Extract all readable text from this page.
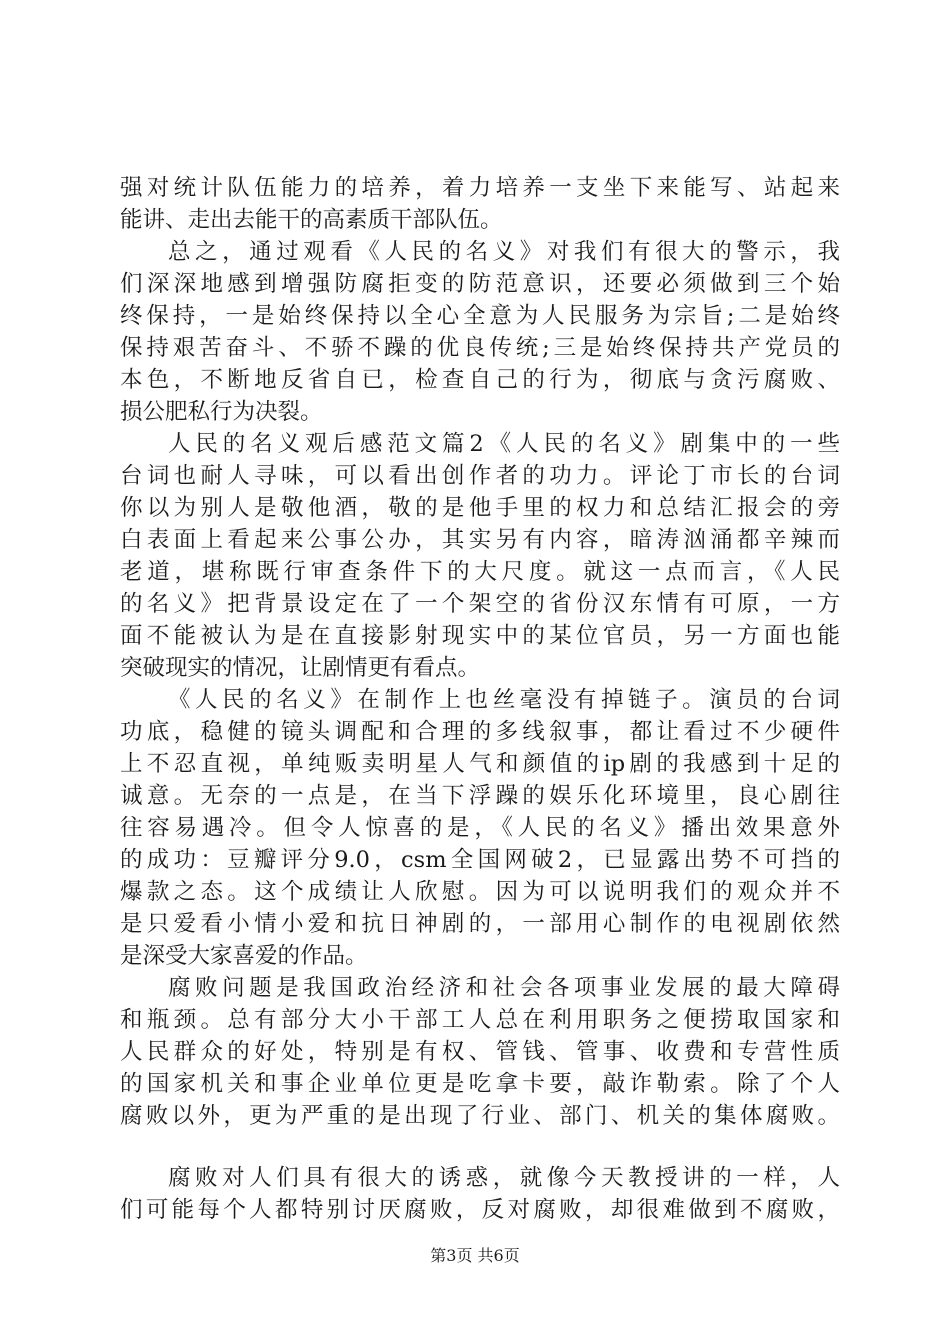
强对统计队伍能力的培养，着力培养一支坐下来能写、站起来
能讲、走出去能干的高素质干部队伍。
总之，通过观看《人民的名义》对我们有很大的警示，我
们深深地感到增强防腐拒变的防范意识，还要必须做到三个始
终保持，一是始终保持以全心全意为人民服务为宗旨;二是始终
保持艰苦奋斗、不骄不躁的优良传统;三是始终保持共产党员的
本色，不断地反省自已，检查自己的行为，彻底与贪污腐败、
损公肥私行为决裂。
人民的名义观后感范文篇2《人民的名义》剧集中的一些
台词也耐人寻味，可以看出创作者的功力。评论丁市长的台词
你以为别人是敬他酒，敬的是他手里的权力和总结汇报会的旁
白表面上看起来公事公办，其实另有内容，暗涛汹涌都辛辣而
老道，堪称既行审查条件下的大尺度。就这一点而言，《人民
的名义》把背景设定在了一个架空的省份汉东情有可原，一方
面不能被认为是在直接影射现实中的某位官员，另一方面也能
突破现实的情况，让剧情更有看点。
《人民的名义》在制作上也丝毫没有掉链子。演员的台词
功底，稳健的镜头调配和合理的多线叙事，都让看过不少硬件
上不忍直视，单纯贩卖明星人气和颜值的ip剧的我感到十足的
诚意。无奈的一点是，在当下浮躁的娱乐化环境里，良心剧往
往容易遇冷。但令人惊喜的是，《人民的名义》播出效果意外
的成功：豆瓣评分9.0，csm全国网破2，已显露出势不可挡的
爆款之态。这个成绩让人欣慰。因为可以说明我们的观众并不
是只爱看小情小爱和抗日神剧的，一部用心制作的电视剧依然
是深受大家喜爱的作品。
腐败问题是我国政治经济和社会各项事业发展的最大障碍
和瓶颈。总有部分大小干部工人总在利用职务之便捞取国家和
人民群众的好处，特别是有权、管钱、管事、收费和专营性质
的国家机关和事企业单位更是吃拿卡要，敲诈勒索。除了个人
腐败以外，更为严重的是出现了行业、部门、机关的集体腐败。
腐败对人们具有很大的诱惑，就像今天教授讲的一样，人
们可能每个人都特别讨厌腐败，反对腐败，却很难做到不腐败，
第3页 共6页
